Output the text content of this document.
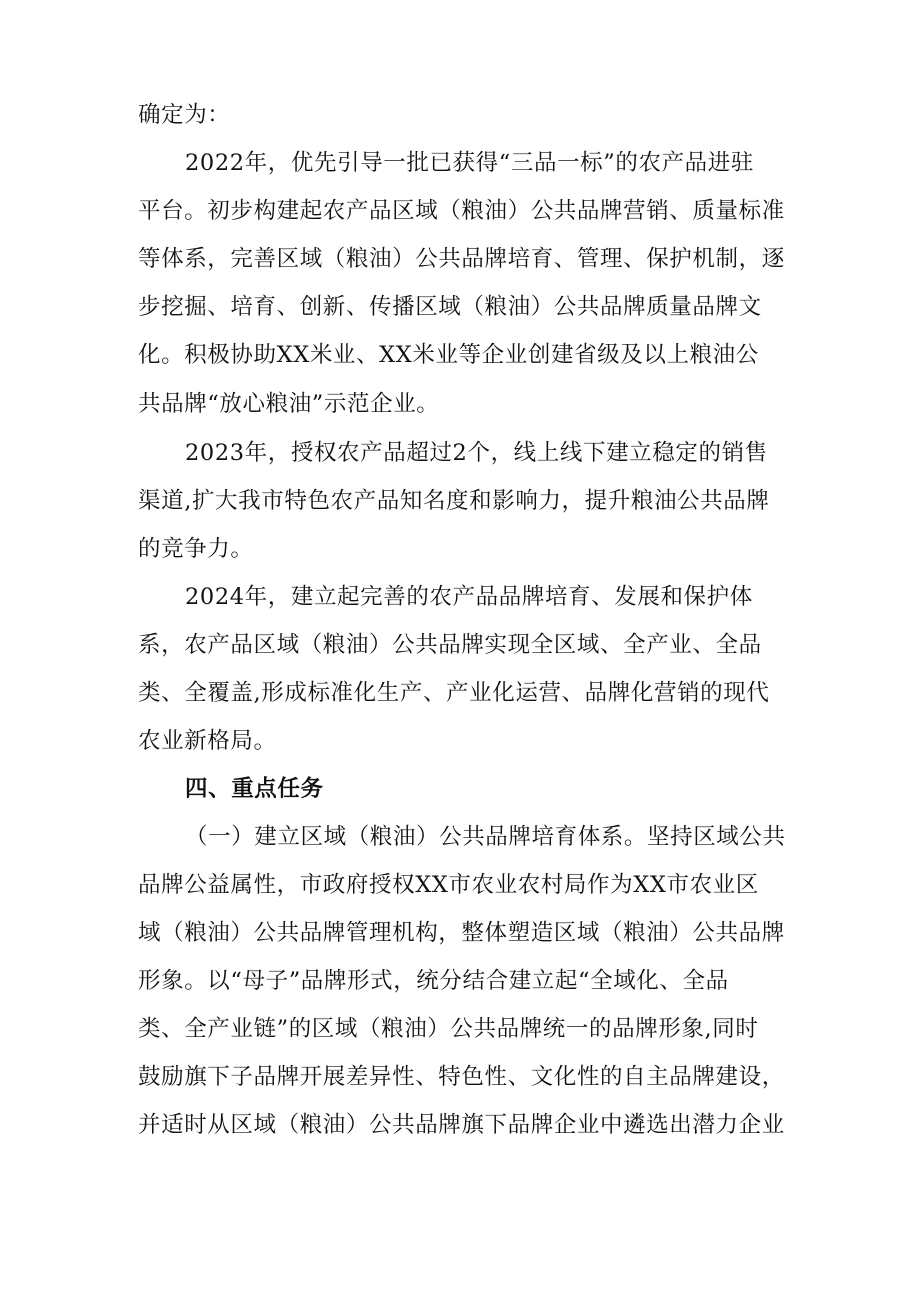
确定为：
2022年，优先引导一批已获得“三品一标”的农产品进驻
平台。初步构建起农产品区域（粮油）公共品牌营销、质量标准
等体系，完善区域（粮油）公共品牌培育、管理、保护机制，逐
步挖掘、培育、创新、传播区域（粮油）公共品牌质量品牌文
化。积极协助XX米业、XX米业等企业创建省级及以上粮油公
共品牌“放心粮油”示范企业。
2023年，授权农产品超过2个，线上线下建立稳定的销售
渠道,扩大我市特色农产品知名度和影响力，提升粮油公共品牌
的竞争力。
2024年，建立起完善的农产品品牌培育、发展和保护体
系，农产品区域（粮油）公共品牌实现全区域、全产业、全品
类、全覆盖,形成标准化生产、产业化运营、品牌化营销的现代
农业新格局。
四、重点任务
（一）建立区域（粮油）公共品牌培育体系。坚持区域公共
品牌公益属性，市政府授权XX市农业农村局作为XX市农业区
域（粮油）公共品牌管理机构，整体塑造区域（粮油）公共品牌
形象。以“母子”品牌形式，统分结合建立起“全域化、全品
类、全产业链”的区域（粮油）公共品牌统一的品牌形象,同时
鼓励旗下子品牌开展差异性、特色性、文化性的自主品牌建设，
并适时从区域（粮油）公共品牌旗下品牌企业中遴选出潜力企业
